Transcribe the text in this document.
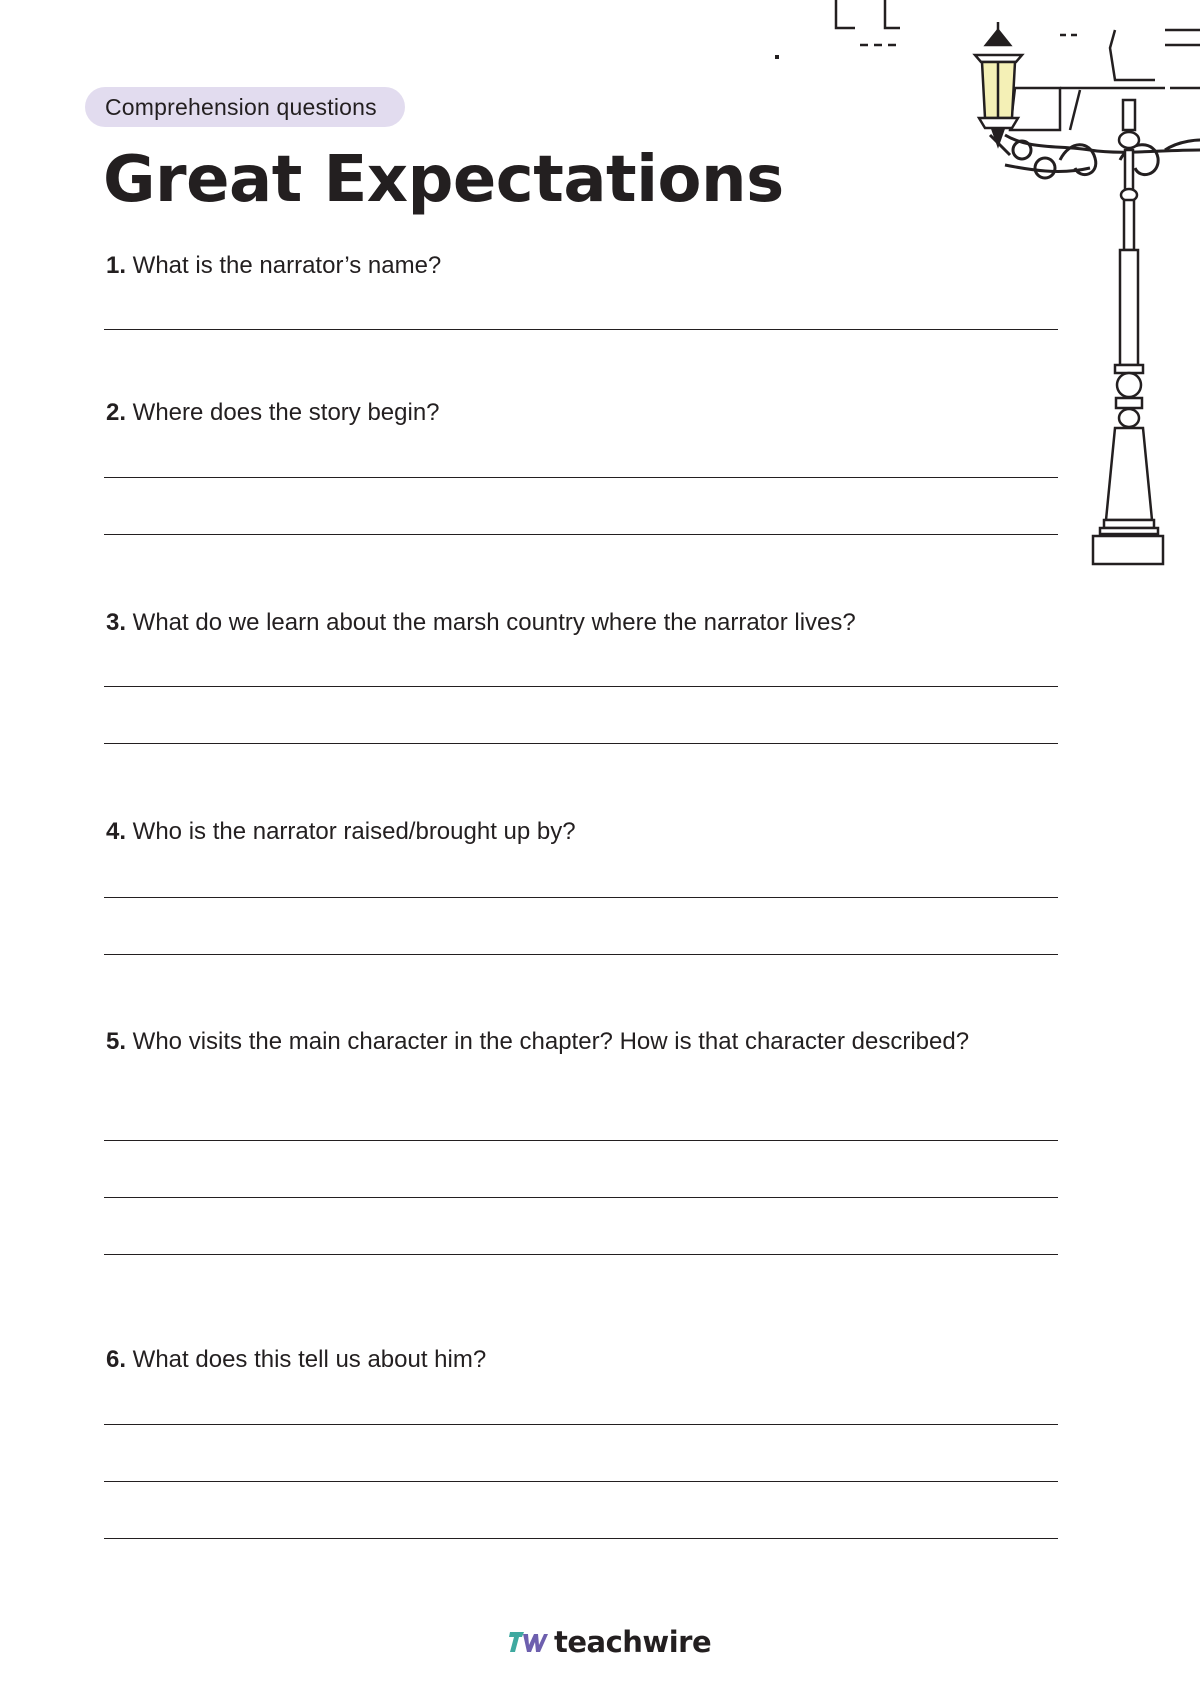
Comprehension questions
Great Expectations

1. What is the narrator’s name?

2. Where does the story begin?

3. What do we learn about the marsh country where the narrator lives?

4. Who is the narrator raised/brought up by?

5. Who visits the main character in the chapter? How is that character described?

6. What does this tell us about him?

teachwire
